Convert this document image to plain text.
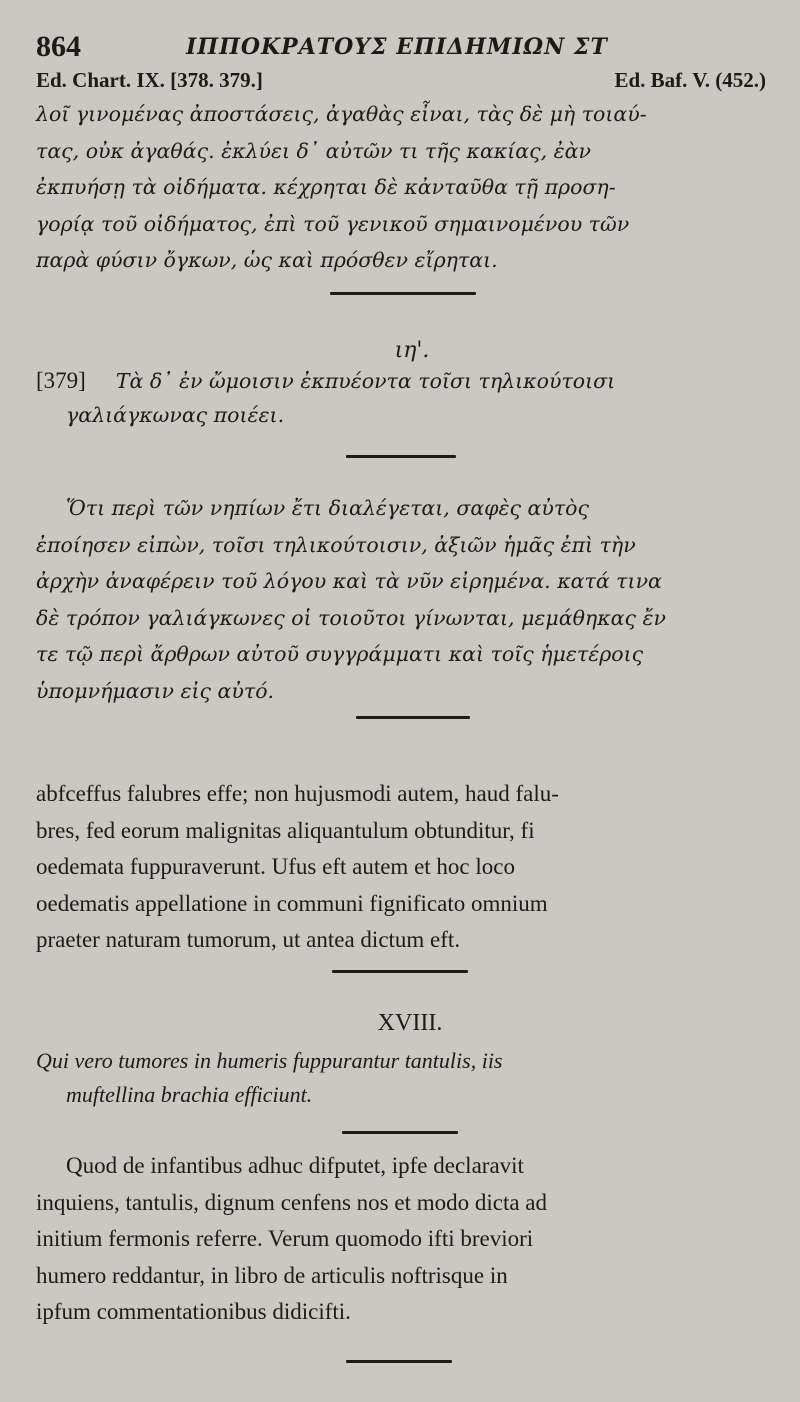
864	ΙΠΠΟΚΡΑΤΟΥΣ ΕΠΙΔΗΜΙΩΝ ΣΤ
Ed. Chart. IX. [378. 379.]	Ed. Baf. V. (452.)
λοῖ γινομένας ἀποστάσεις, ἀγαθὰς εἶναι, τὰς δὲ μὴ τοιαύ-
τας, οὐκ ἀγαθάς. ἐκλύει δ᾽ αὐτῶν τι τῆς κακίας, ἐὰν
ἐκπυήσῃ τὰ οἰδήματα. κέχρηται δὲ κἀνταῦθα τῇ προση-
γορίᾳ τοῦ οἰδήματος, ἐπὶ τοῦ γενικοῦ σημαινομένου τῶν
παρὰ φύσιν ὄγκων, ὡς καὶ πρόσθεν εἴρηται.
ιη'.
[379] Τὰ δ᾽ ἐν ὤμοισιν ἐκπυέοντα τοῖσι τηλικούτοισι
γαλιάγκωνας ποιέει.
Ὅτι περὶ τῶν νηπίων ἔτι διαλέγεται, σαφὲς αὐτὸς
ἐποίησεν εἰπὼν, τοῖσι τηλικούτοισιν, ἀξιῶν ἡμᾶς ἐπὶ τὴν
ἀρχὴν ἀναφέρειν τοῦ λόγου καὶ τὰ νῦν εἰρημένα. κατά τινα
δὲ τρόπον γαλιάγκωνες οἱ τοιοῦτοι γίνωνται, μεμάθηκας ἔν
τε τῷ περὶ ἄρθρων αὐτοῦ συγγράμματι καὶ τοῖς ἡμετέροις
ὑπομνήμασιν εἰς αὐτό.
abfceffus falubres effe; non hujusmodi autem, haud falu-
bres, fed eorum malignitas aliquantulum obtunditur, fi
oedemata fuppuraverunt. Ufus eft autem et hoc loco
oedematis appellatione in communi fignificato omnium
praeter naturam tumorum, ut antea dictum eft.
XVIII.
Qui vero tumores in humeris fuppurantur tantulis, iis
muftellina brachia efficiunt.
Quod de infantibus adhuc difputet, ipfe declaravit
inquiens, tantulis, dignum cenfens nos et modo dicta ad
initium fermonis referre. Verum quomodo ifti breviori
humero reddantur, in libro de articulis noftrisque in
ipfum commentationibus didicifti.
